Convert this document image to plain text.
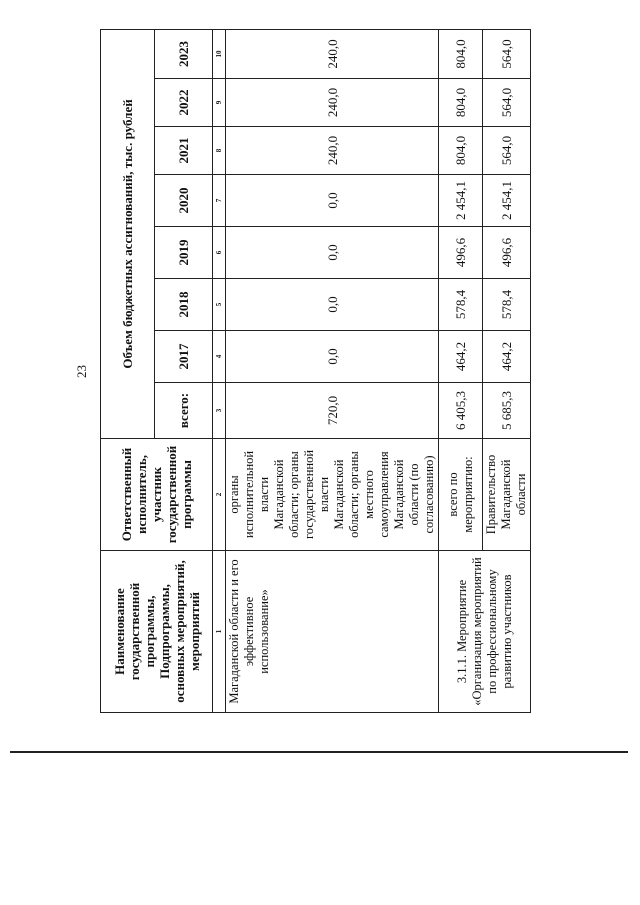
23
Наименование государственной программы, Подпрограммы, основных мероприятий, мероприятий	Ответственный исполнитель, участник государственной программы	Объем бюджетных ассигнований, тыс. рублей							
		всего:	2017	2018	2019	2020	2021	2022	2023
1	2	3	4	5	6	7	8	9	10
Магаданской области и его эффективное использование»	органы исполнительной власти Магаданской области; органы государственной власти Магаданской области; органы местного самоуправления Магаданской области (по согласованию)	720,0	0,0	0,0	0,0	0,0	240,0	240,0	240,0
3.1.1. Мероприятие «Организация мероприятий по профессиональному развитию участников	всего по мероприятию:	6 405,3	464,2	578,4	496,6	2 454,1	804,0	804,0	804,0
	Правительство Магаданской области	5 685,3	464,2	578,4	496,6	2 454,1	564,0	564,0	564,0
